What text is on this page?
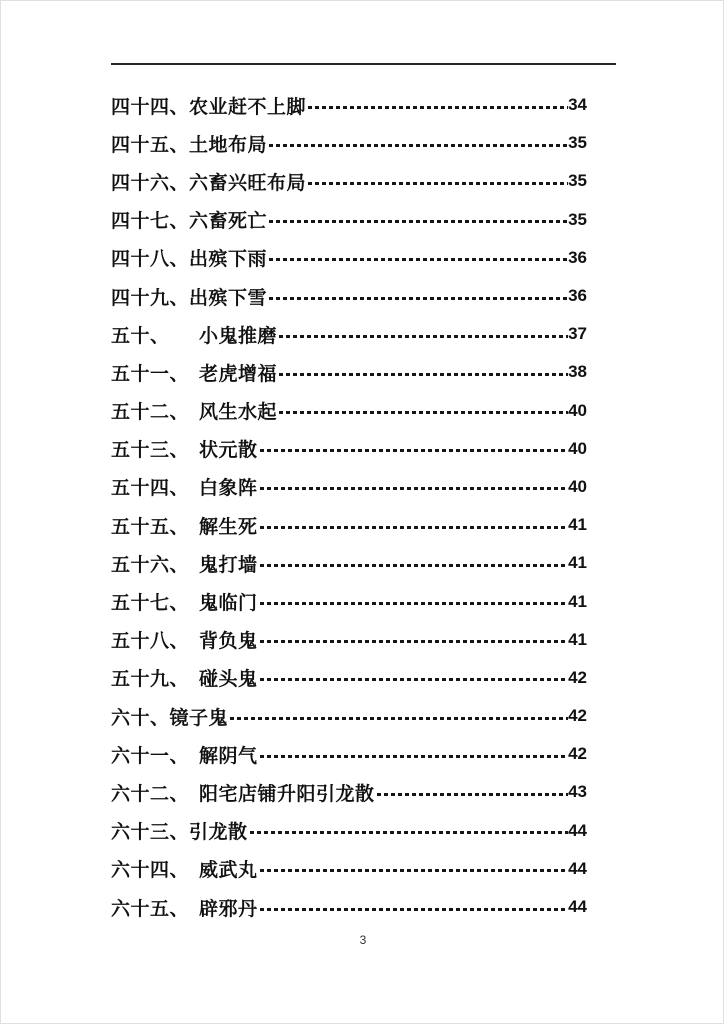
四十四、农业赶不上脚	34
四十五、土地布局	35
四十六、六畜兴旺布局	35
四十七、六畜死亡	35
四十八、出殡下雨	36
四十九、出殡下雪	36
五十、　　小鬼推磨	37
五十一、　老虎增福	38
五十二、　风生水起	40
五十三、　状元散	40
五十四、　白象阵	40
五十五、　解生死	41
五十六、　鬼打墙	41
五十七、　鬼临门	41
五十八、　背负鬼	41
五十九、　碰头鬼	42
六十、镜子鬼	42
六十一、　解阴气	42
六十二、　阳宅店铺升阳引龙散	43
六十三、引龙散	44
六十四、　威武丸	44
六十五、　辟邪丹	44
3
